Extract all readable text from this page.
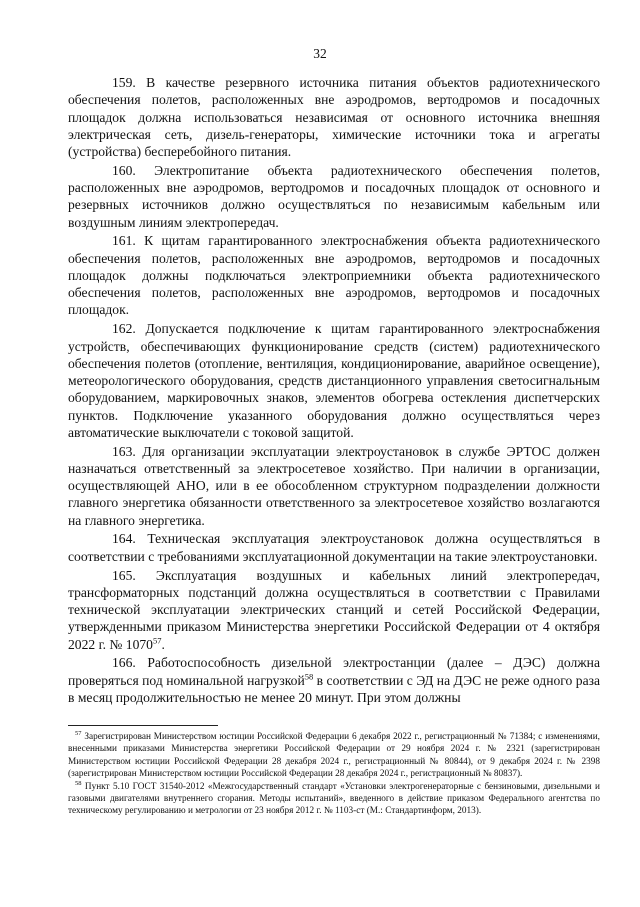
32

159. В качестве резервного источника питания объектов радиотехнического обеспечения полетов, расположенных вне аэродромов, вертодромов и посадочных площадок должна использоваться независимая от основного источника внешняя электрическая сеть, дизель-генераторы, химические источники тока и агрегаты (устройства) бесперебойного питания.

160. Электропитание объекта радиотехнического обеспечения полетов, расположенных вне аэродромов, вертодромов и посадочных площадок от основного и резервных источников должно осуществляться по независимым кабельным или воздушным линиям электропередач.

161. К щитам гарантированного электроснабжения объекта радиотехнического обеспечения полетов, расположенных вне аэродромов, вертодромов и посадочных площадок должны подключаться электроприемники объекта радиотехнического обеспечения полетов, расположенных вне аэродромов, вертодромов и посадочных площадок.

162. Допускается подключение к щитам гарантированного электроснабжения устройств, обеспечивающих функционирование средств (систем) радиотехнического обеспечения полетов (отопление, вентиляция, кондиционирование, аварийное освещение), метеорологического оборудования, средств дистанционного управления светосигнальным оборудованием, маркировочных знаков, элементов обогрева остекления диспетчерских пунктов. Подключение указанного оборудования должно осуществляться через автоматические выключатели с токовой защитой.

163. Для организации эксплуатации электроустановок в службе ЭРТОС должен назначаться ответственный за электросетевое хозяйство. При наличии в организации, осуществляющей АНО, или в ее обособленном структурном подразделении должности главного энергетика обязанности ответственного за электросетевое хозяйство возлагаются на главного энергетика.

164. Техническая эксплуатация электроустановок должна осуществляться в соответствии с требованиями эксплуатационной документации на такие электроустановки.

165. Эксплуатация воздушных и кабельных линий электропередач, трансформаторных подстанций должна осуществляться в соответствии с Правилами технической эксплуатации электрических станций и сетей Российской Федерации, утвержденными приказом Министерства энергетики Российской Федерации от 4 октября 2022 г. № 1070$^{57}$.

166. Работоспособность дизельной электростанции (далее – ДЭС) должна проверяться под номинальной нагрузкой$^{58}$ в соответствии с ЭД на ДЭС не реже одного раза в месяц продолжительностью не менее 20 минут. При этом должны

$^{57}$ Зарегистрирован Министерством юстиции Российской Федерации 6 декабря 2022 г., регистрационный № 71384; с изменениями, внесенными приказами Министерства энергетики Российской Федерации от 29 ноября 2024 г. № 2321 (зарегистрирован Министерством юстиции Российской Федерации 28 декабря 2024 г., регистрационный № 80844), от 9 декабря 2024 г. № 2398 (зарегистрирован Министерством юстиции Российской Федерации 28 декабря 2024 г., регистрационный № 80837).

$^{58}$ Пункт 5.10 ГОСТ 31540-2012 «Межгосударственный стандарт «Установки электрогенераторные с бензиновыми, дизельными и газовыми двигателями внутреннего сгорания. Методы испытаний», введенного в действие приказом Федерального агентства по техническому регулированию и метрологии от 23 ноября 2012 г. № 1103-ст (М.: Стандартинформ, 2013).
